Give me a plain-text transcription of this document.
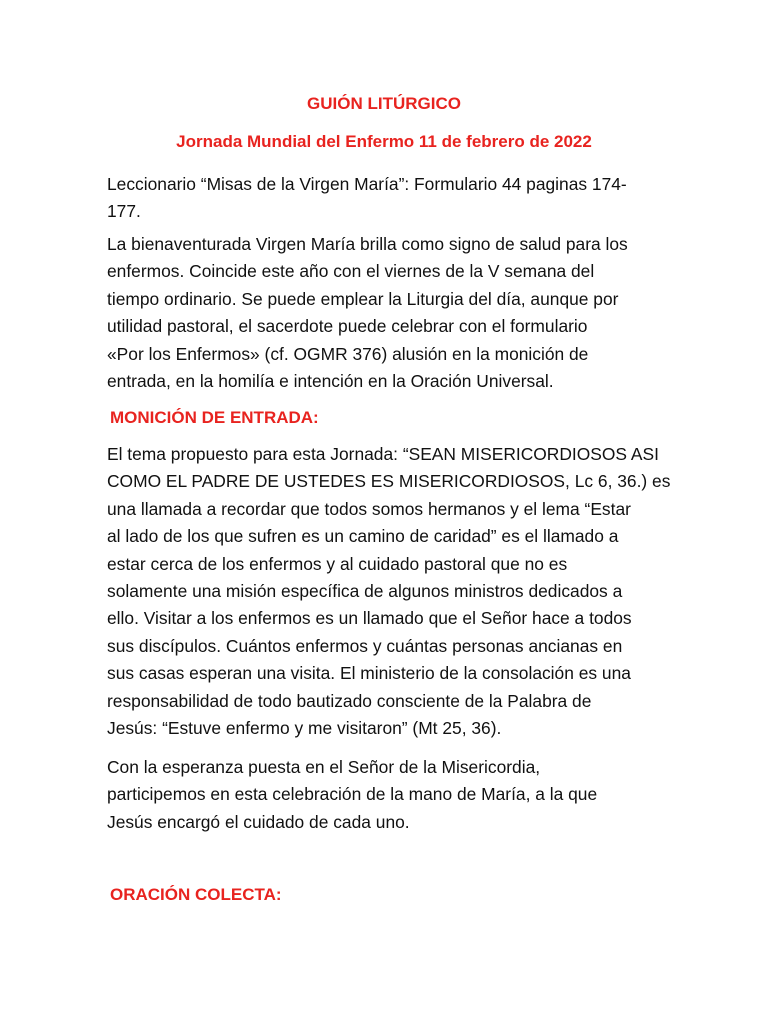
GUIÓN LITÚRGICO
Jornada Mundial del Enfermo 11 de febrero de 2022
Leccionario “Misas de la Virgen María”: Formulario 44 paginas 174-
177.
La bienaventurada Virgen María brilla como signo de salud para los
enfermos. Coincide este año con el viernes de la V semana del
tiempo ordinario. Se puede emplear la Liturgia del día, aunque por
utilidad pastoral, el sacerdote puede celebrar con el formulario
«Por los Enfermos» (cf. OGMR 376) alusión en la monición de
entrada, en la homilía e intención en la Oración Universal.
MONICIÓN DE ENTRADA:
El tema propuesto para esta Jornada: “SEAN MISERICORDIOSOS ASI
COMO EL PADRE DE USTEDES ES MISERICORDIOSOS, Lc 6, 36.) es
una llamada a recordar que todos somos hermanos y el lema “Estar
al lado de los que sufren es un camino de caridad” es el llamado a
estar cerca de los enfermos y al cuidado pastoral que no es
solamente una misión específica de algunos ministros dedicados a
ello. Visitar a los enfermos es un llamado que el Señor hace a todos
sus discípulos. Cuántos enfermos y cuántas personas ancianas en
sus casas esperan una visita. El ministerio de la consolación es una
responsabilidad de todo bautizado consciente de la Palabra de
Jesús: “Estuve enfermo y me visitaron” (Mt 25, 36).
Con la esperanza puesta en el Señor de la Misericordia,
participemos en esta celebración de la mano de María, a la que
Jesús encargó el cuidado de cada uno.
ORACIÓN COLECTA:
